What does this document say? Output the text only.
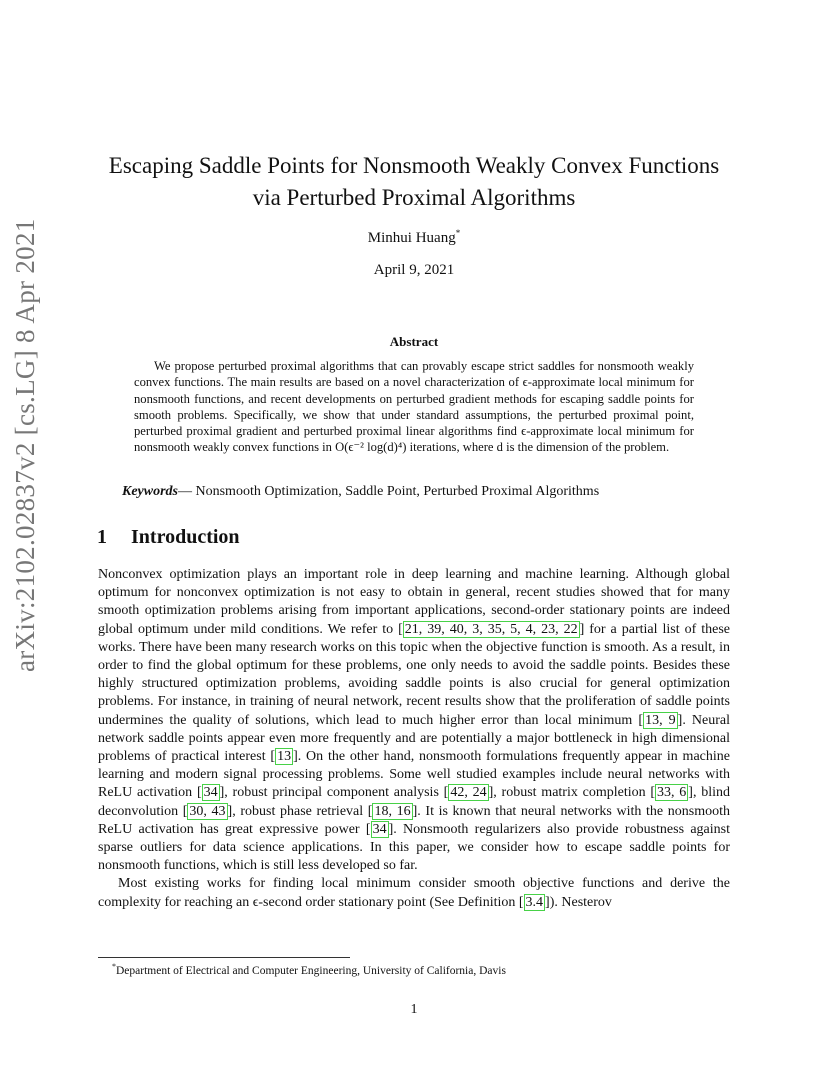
arXiv:2102.02837v2 [cs.LG] 8 Apr 2021
Escaping Saddle Points for Nonsmooth Weakly Convex Functions
via Perturbed Proximal Algorithms
Minhui Huang*
April 9, 2021
Abstract
We propose perturbed proximal algorithms that can provably escape strict saddles for nonsmooth weakly convex functions. The main results are based on a novel characterization of ϵ-approximate local minimum for nonsmooth functions, and recent developments on perturbed gradient methods for escaping saddle points for smooth problems. Specifically, we show that under standard assumptions, the perturbed proximal point, perturbed proximal gradient and perturbed proximal linear algorithms find ϵ-approximate local minimum for nonsmooth weakly convex functions in O(ϵ⁻² log(d)⁴) iterations, where d is the dimension of the problem.
Keywords— Nonsmooth Optimization, Saddle Point, Perturbed Proximal Algorithms
1 Introduction

Nonconvex optimization plays an important role in deep learning and machine learning. Although global optimum for nonconvex optimization is not easy to obtain in general, recent studies showed that for many smooth optimization problems arising from important applications, second-order stationary points are indeed global optimum under mild conditions. We refer to [ 21, 39, 40, 3, 35, 5, 4, 23, 22 ] for a partial list of these works. There have been many research works on this topic when the objective function is smooth. As a result, in order to find the global optimum for these problems, one only needs to avoid the saddle points. Besides these highly structured optimization problems, avoiding saddle points is also crucial for general optimization problems. For instance, in training of neural network, recent results show that the proliferation of saddle points undermines the quality of solutions, which lead to much higher error than local minimum [ 13, 9 ]. Neural network saddle points appear even more frequently and are potentially a major bottleneck in high dimensional problems of practical interest [ 13 ]. On the other hand, nonsmooth formulations frequently appear in machine learning and modern signal processing problems. Some well studied examples include neural networks with ReLU activation [ 34 ], robust principal component analysis [ 42, 24 ], robust matrix completion [ 33, 6 ], blind deconvolution [ 30, 43 ], robust phase retrieval [ 18, 16 ]. It is known that neural networks with the nonsmooth ReLU activation has great expressive power [ 34 ]. Nonsmooth regularizers also provide robustness against sparse outliers for data science applications. In this paper, we consider how to escape saddle points for nonsmooth functions, which is still less developed so far.

Most existing works for finding local minimum consider smooth objective functions and derive the complexity for reaching an ϵ-second order stationary point (See Definition [ 3.4 ]). Nesterov

*Department of Electrical and Computer Engineering, University of California, Davis
1
